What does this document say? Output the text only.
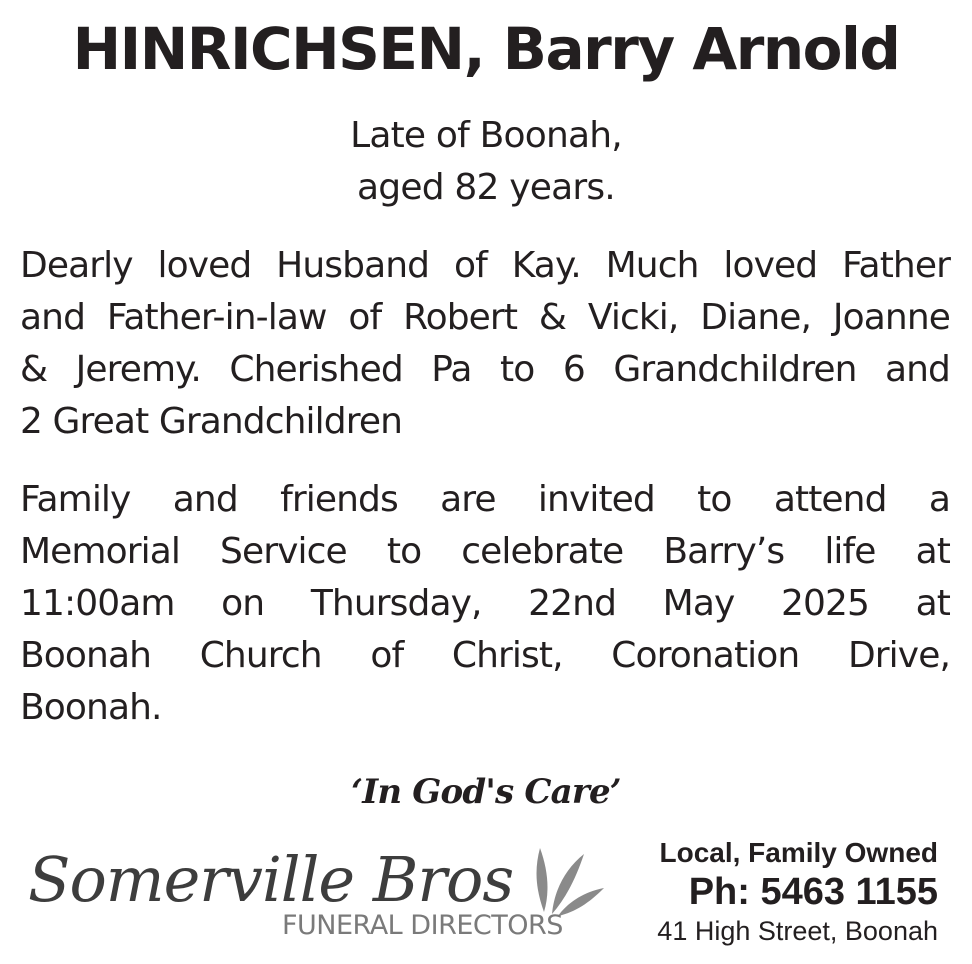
HINRICHSEN, Barry Arnold
Late of Boonah,
aged 82 years.
Dearly loved Husband of Kay. Much loved Father
and Father-in-law of Robert & Vicki, Diane, Joanne
& Jeremy. Cherished Pa to 6 Grandchildren and
2 Great Grandchildren
Family and friends are invited to attend a
Memorial Service to celebrate Barry’s life at
11:00am on Thursday, 22nd May 2025 at
Boonah Church of Christ, Coronation Drive,
Boonah.
‘In God's Care’
Somerville Bros
FUNERAL DIRECTORS
Local, Family Owned
Ph: 5463 1155
41 High Street, Boonah
